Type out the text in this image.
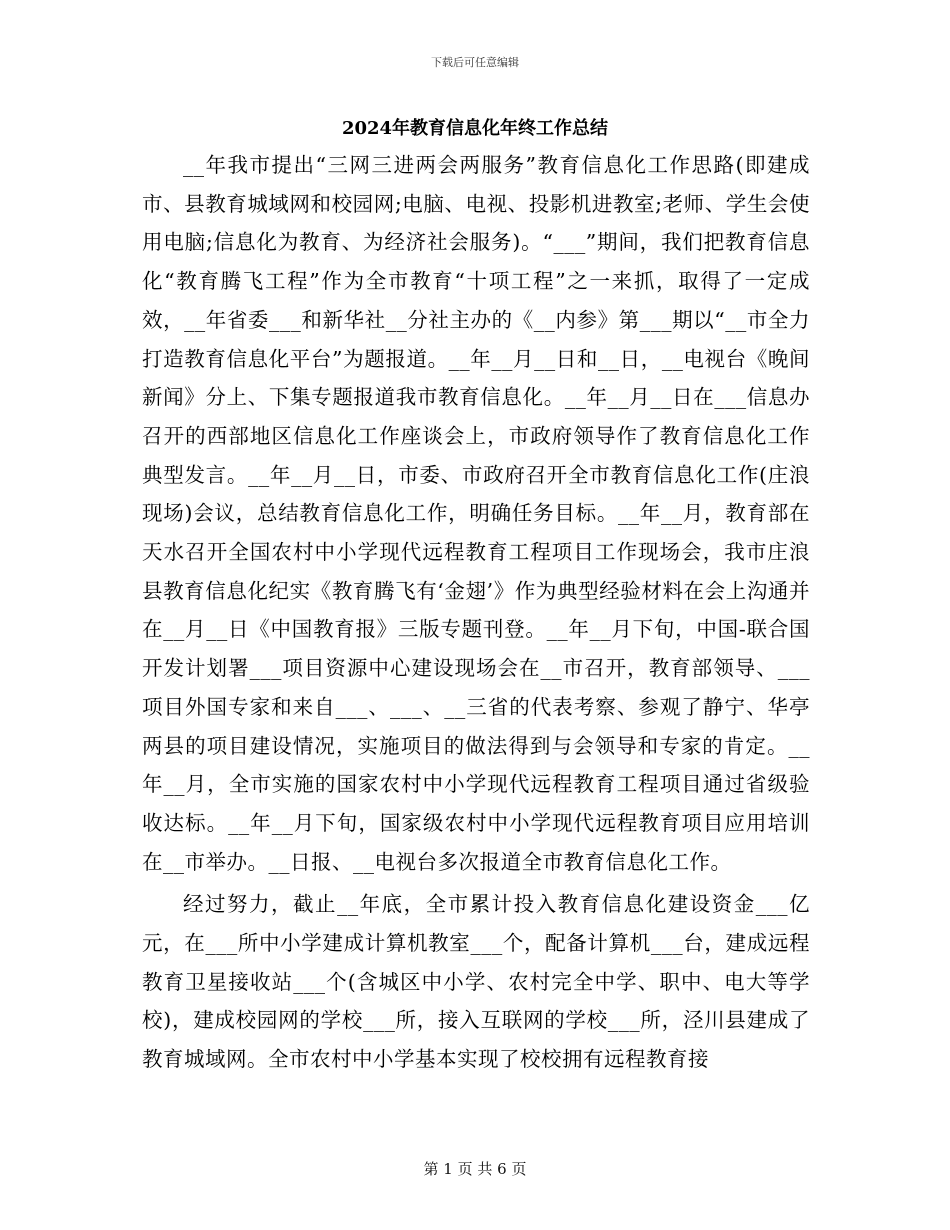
下载后可任意编辑
2024年教育信息化年终工作总结

__年我市提出“三网三进两会两服务”教育信息化工作思路(即建成市、县教育城域网和校园网;电脑、电视、投影机进教室;老师、学生会使用电脑;信息化为教育、为经济社会服务)。“___”期间，我们把教育信息化“教育腾飞工程”作为全市教育“十项工程”之一来抓，取得了一定成效，__年省委___和新华社__分社主办的《__内参》第___期以“__市全力打造教育信息化平台”为题报道。__年__月__日和__日，__电视台《晚间新闻》分上、下集专题报道我市教育信息化。__年__月__日在___信息办召开的西部地区信息化工作座谈会上，市政府领导作了教育信息化工作典型发言。__年__月__日，市委、市政府召开全市教育信息化工作(庄浪现场)会议，总结教育信息化工作，明确任务目标。__年__月，教育部在天水召开全国农村中小学现代远程教育工程项目工作现场会，我市庄浪县教育信息化纪实《教育腾飞有‘金翅’》作为典型经验材料在会上沟通并在__月__日《中国教育报》三版专题刊登。__年__月下旬，中国-联合国开发计划署___项目资源中心建设现场会在__市召开，教育部领导、___项目外国专家和来自___、___、__三省的代表考察、参观了静宁、华亭两县的项目建设情况，实施项目的做法得到与会领导和专家的肯定。__年__月，全市实施的国家农村中小学现代远程教育工程项目通过省级验收达标。__年__月下旬，国家级农村中小学现代远程教育项目应用培训在__市举办。__日报、__电视台多次报道全市教育信息化工作。

经过努力，截止__年底，全市累计投入教育信息化建设资金___亿元，在___所中小学建成计算机教室___个，配备计算机___台，建成远程教育卫星接收站___个(含城区中小学、农村完全中学、职中、电大等学校)，建成校园网的学校___所，接入互联网的学校___所，泾川县建成了教育城域网。全市农村中小学基本实现了校校拥有远程教育接

第 1 页 共 6 页
